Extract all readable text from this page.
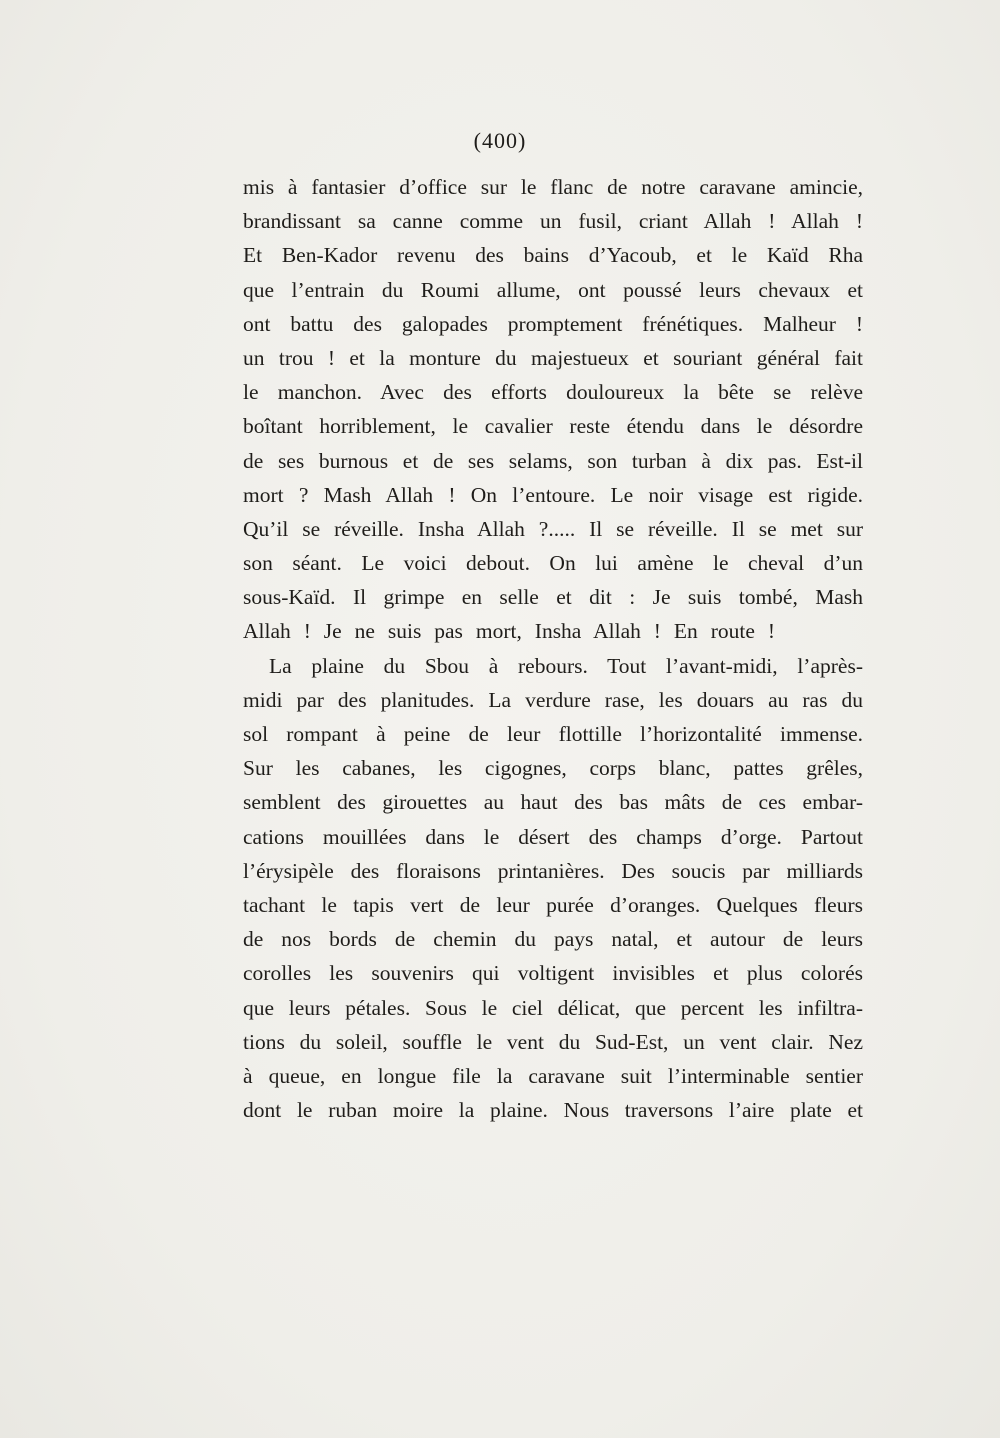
(400)
mis à fantasier d’office sur le flanc de notre caravane amincie,
brandissant sa canne comme un fusil, criant Allah ! Allah !
Et Ben-Kador revenu des bains d’Yacoub, et le Kaïd Rha
que l’entrain du Roumi allume, ont poussé leurs chevaux et
ont battu des galopades promptement frénétiques. Malheur !
un trou ! et la monture du majestueux et souriant général fait
le manchon. Avec des efforts douloureux la bête se relève
boîtant horriblement, le cavalier reste étendu dans le désordre
de ses burnous et de ses selams, son turban à dix pas. Est-il
mort ? Mash Allah ! On l’entoure. Le noir visage est rigide.
Qu’il se réveille. Insha Allah ?..... Il se réveille. Il se met sur
son séant. Le voici debout. On lui amène le cheval d’un
sous-Kaïd. Il grimpe en selle et dit : Je suis tombé, Mash
Allah ! Je ne suis pas mort, Insha Allah ! En route !
La plaine du Sbou à rebours. Tout l’avant-midi, l’après-
midi par des planitudes. La verdure rase, les douars au ras du
sol rompant à peine de leur flottille l’horizontalité immense.
Sur les cabanes, les cigognes, corps blanc, pattes grêles,
semblent des girouettes au haut des bas mâts de ces embar-
cations mouillées dans le désert des champs d’orge. Partout
l’érysipèle des floraisons printanières. Des soucis par milliards
tachant le tapis vert de leur purée d’oranges. Quelques fleurs
de nos bords de chemin du pays natal, et autour de leurs
corolles les souvenirs qui voltigent invisibles et plus colorés
que leurs pétales. Sous le ciel délicat, que percent les infiltra-
tions du soleil, souffle le vent du Sud-Est, un vent clair. Nez
à queue, en longue file la caravane suit l’interminable sentier
dont le ruban moire la plaine. Nous traversons l’aire plate et
